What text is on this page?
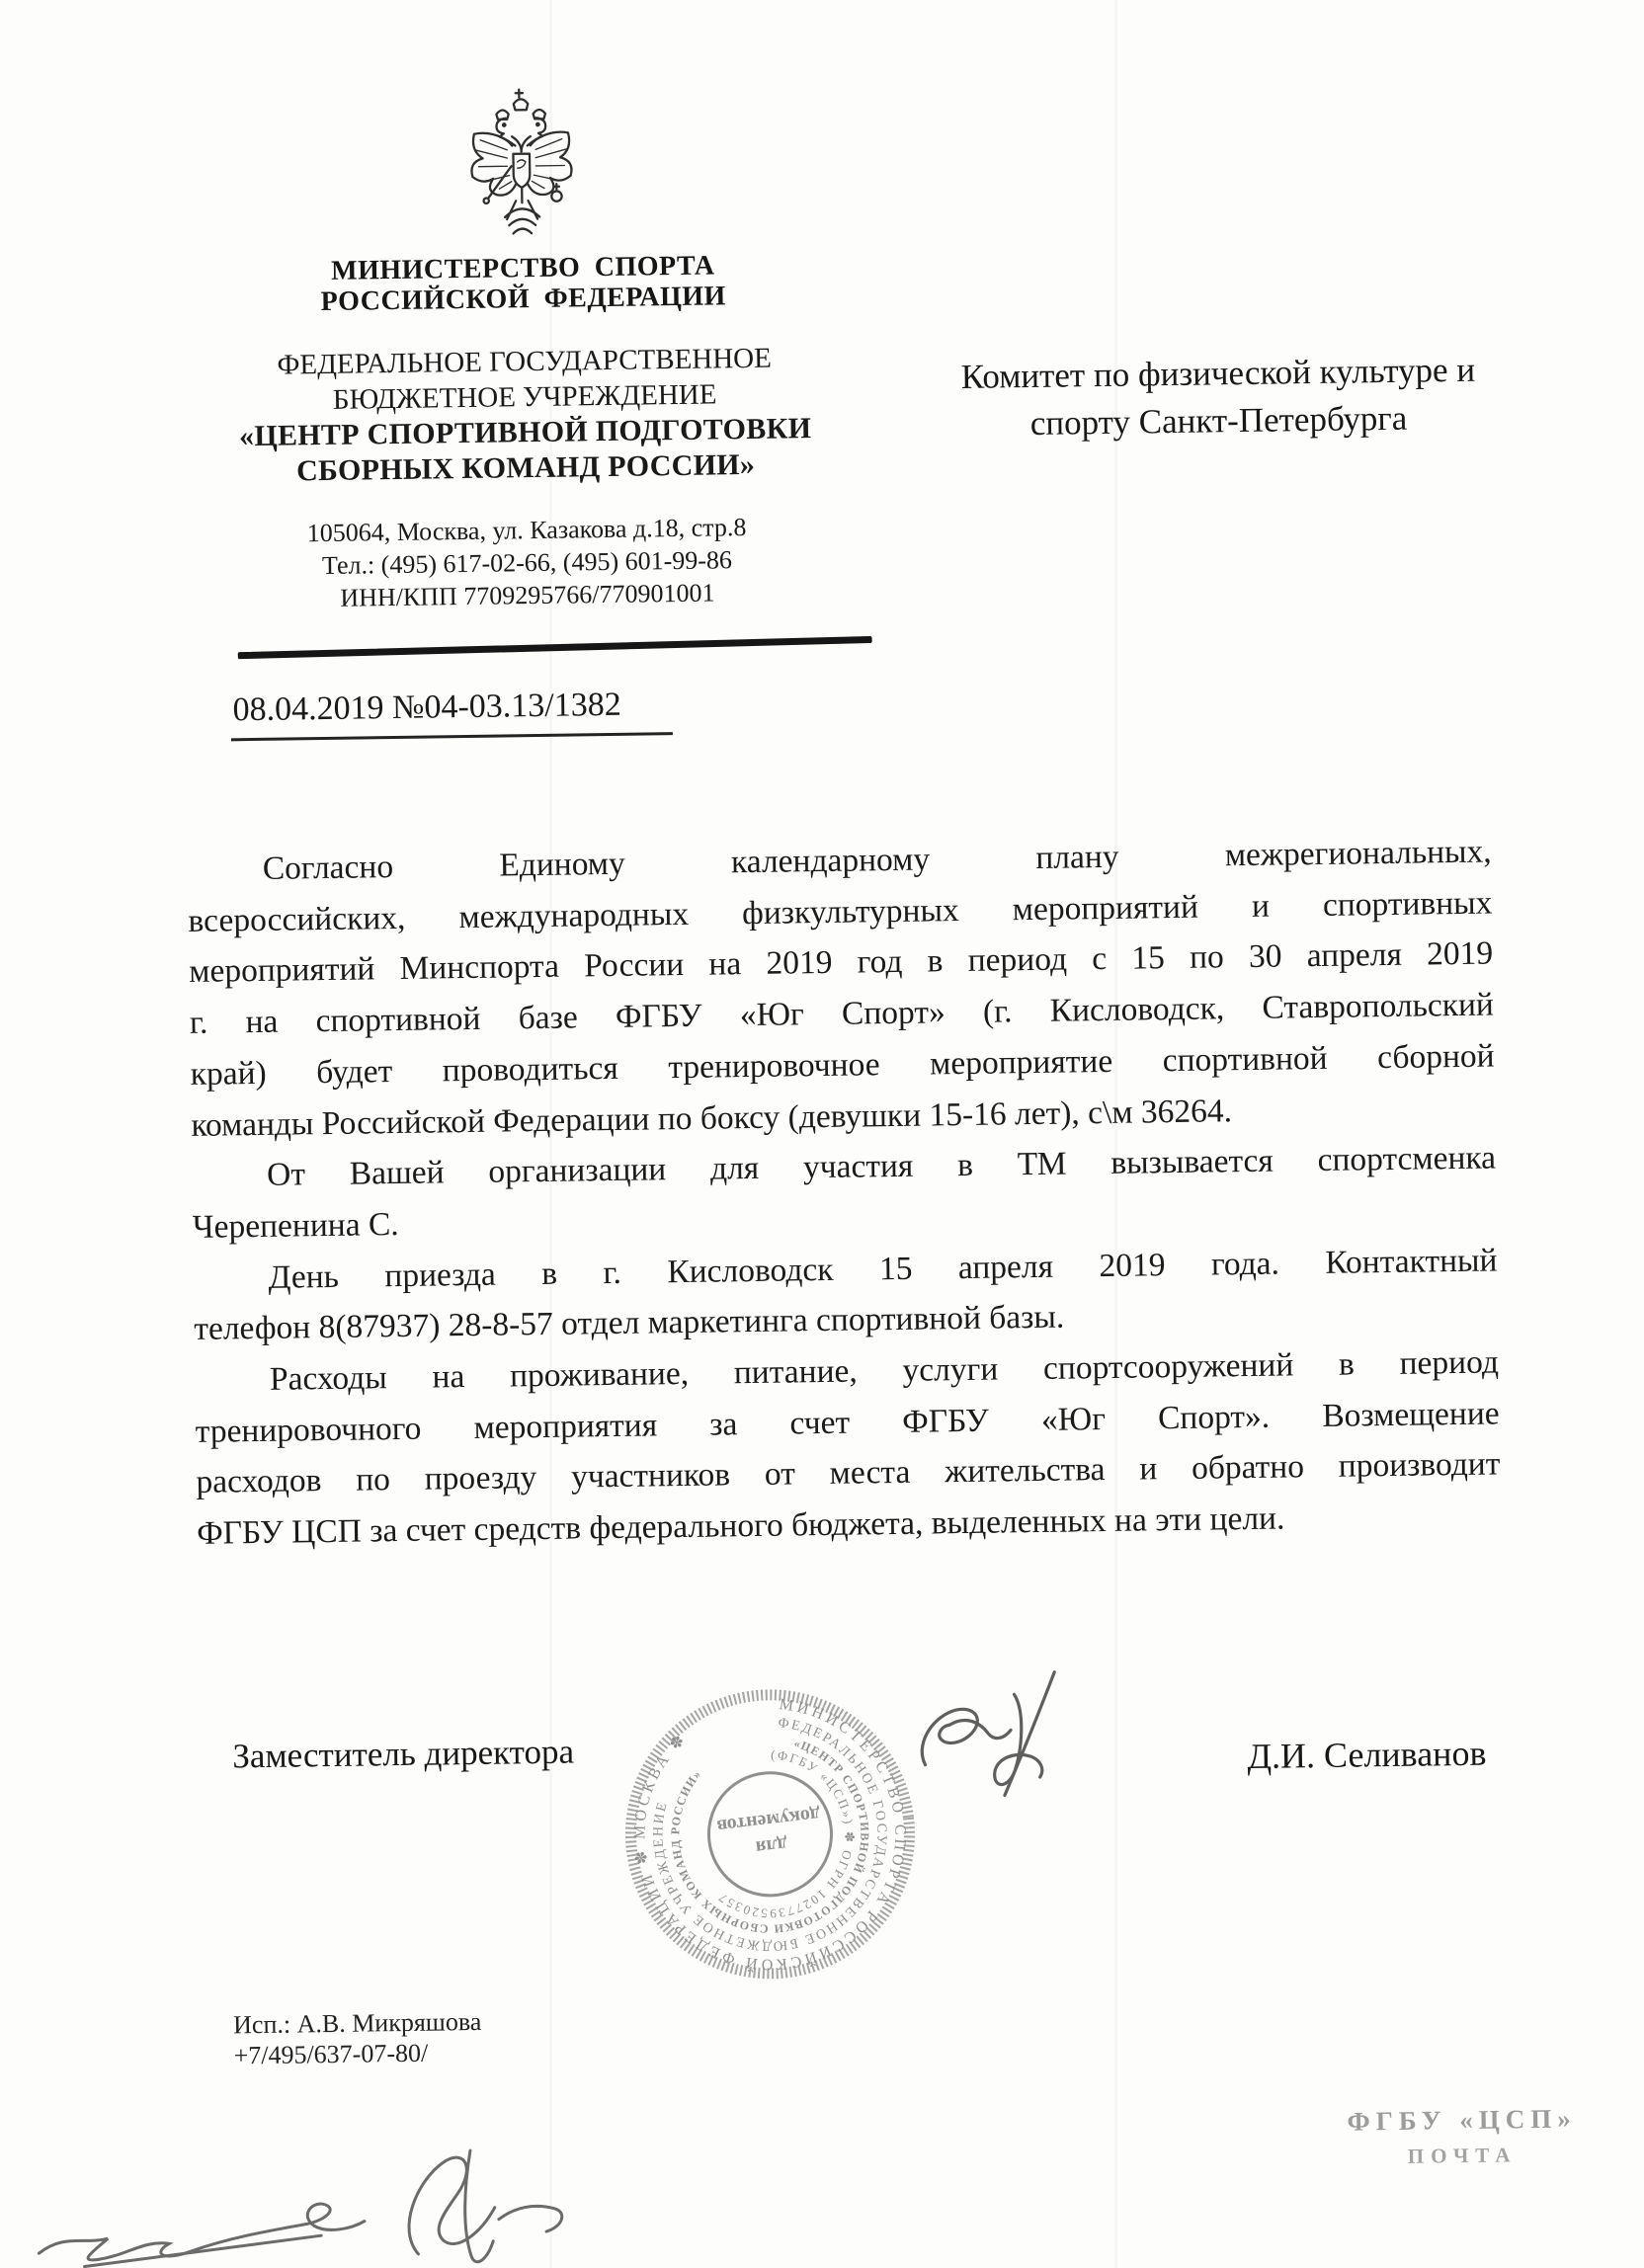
МИНИСТЕРСТВО СПОРТА
РОССИЙСКОЙ ФЕДЕРАЦИИ
ФЕДЕРАЛЬНОЕ ГОСУДАРСТВЕННОЕ
БЮДЖЕТНОЕ УЧРЕЖДЕНИЕ
«ЦЕНТР СПОРТИВНОЙ ПОДГОТОВКИ
СБОРНЫХ КОМАНД РОССИИ»
105064, Москва, ул. Казакова д.18, стр.8
Тел.: (495) 617-02-66, (495) 601-99-86
ИНН/КПП 7709295766/770901001
Комитет по физической культуре и
спорту Санкт-Петербурга
08.04.2019 №04-03.13/1382
Согласно Единому календарному плану межрегиональных,
всероссийских, международных физкультурных мероприятий и спортивных
мероприятий Минспорта России на 2019 год в период с 15 по 30 апреля 2019
г. на спортивной базе ФГБУ «Юг Спорт» (г. Кисловодск, Ставропольский
край) будет проводиться тренировочное мероприятие спортивной сборной
команды Российской Федерации по боксу (девушки 15-16 лет), с\м 36264.
От Вашей организации для участия в ТМ вызывается спортсменка
Черепенина С.
День приезда в г. Кисловодск 15 апреля 2019 года. Контактный
телефон 8(87937) 28-8-57 отдел маркетинга спортивной базы.
Расходы на проживание, питание, услуги спортсооружений в период
тренировочного мероприятия за счет ФГБУ «Юг Спорт». Возмещение
расходов по проезду участников от места жительства и обратно производит
ФГБУ ЦСП за счет средств федерального бюджета, выделенных на эти цели.
Заместитель директора	Д.И. Селиванов
МИНИСТЕРСТВО СПОРТА РОССИЙСКОЙ ФЕДЕРАЦИИ ✽ МОСКВА ✽
ФЕДЕРАЛЬНОЕ ГОСУДАРСТВЕННОЕ БЮДЖЕТНОЕ УЧРЕЖДЕНИЕ
«ЦЕНТР СПОРТИВНОЙ ПОДГОТОВКИ СБОРНЫХ КОМАНД РОССИИ»
(ФГБУ «ЦСП») ✽ ОГРН 1027739520357
для
документов
Исп.: А.В. Микряшова
+7/495/637-07-80/
ФГБУ «ЦСП»
ПОЧТА
